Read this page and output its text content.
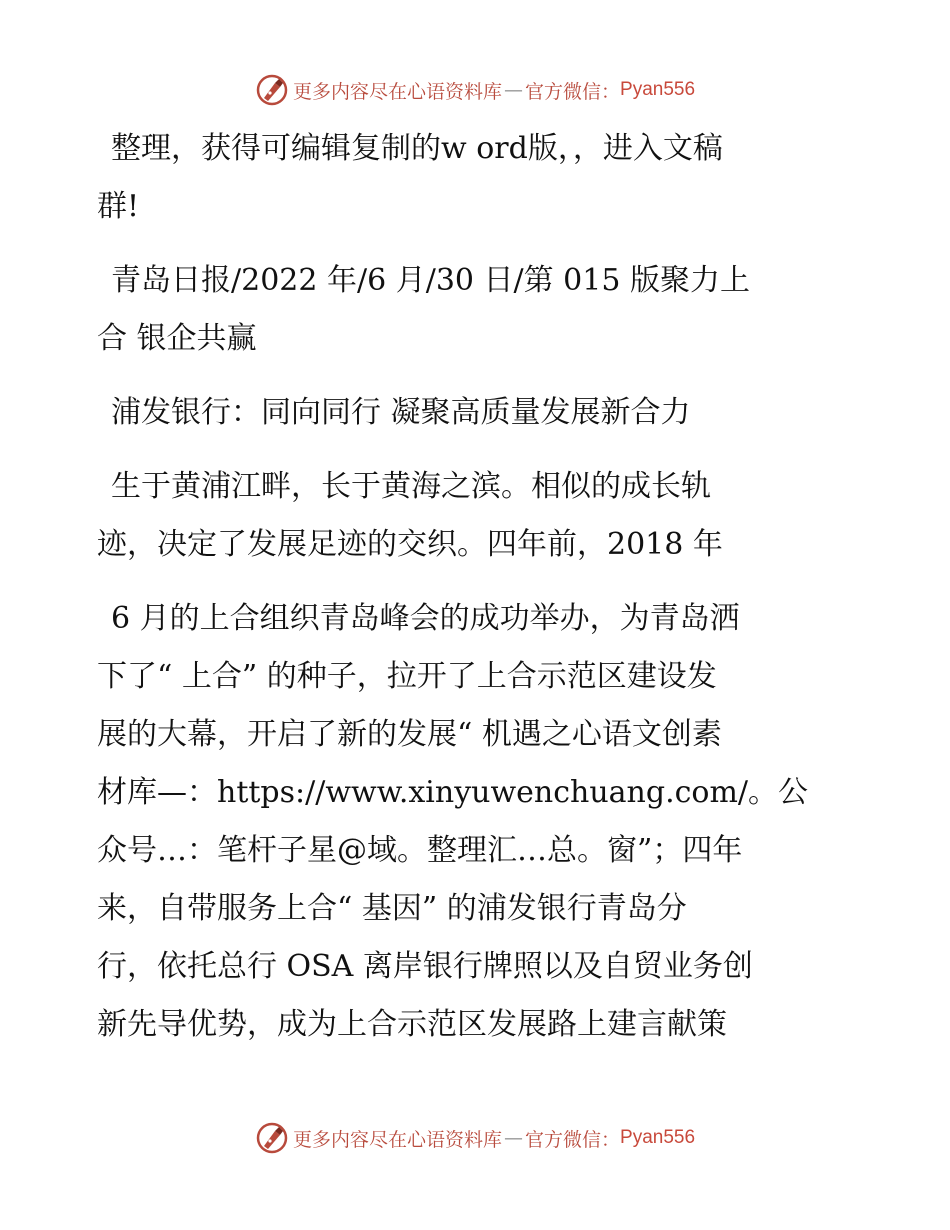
更多内容尽在心语资料库 — 官方微信 ： Pyan556

整理，获得可编辑复制的w ord版，，进入文稿
群!

青岛日报/2022 年/6 月/30 日/第 015 版聚力上
合 银企共赢

浦发银行：同向同行 凝聚高质量发展新合力

生于黄浦江畔，长于黄海之滨。相似的成长轨
迹，决定了发展足迹的交织。四年前，2018 年

6 月的上合组织青岛峰会的成功举办，为青岛洒
下了“ 上合” 的种子，拉开了上合示范区建设发
展的大幕，开启了新的发展“ 机遇之心语文创素
材库—：https://www.xinyuwenchuang.com/。公
众号…：笔杆子星@域。整理汇…总。窗”；四年
来，自带服务上合“ 基因” 的浦发银行青岛分
行，依托总行 OSA 离岸银行牌照以及自贸业务创
新先导优势，成为上合示范区发展路上建言献策

更多内容尽在心语资料库 — 官方微信 ： Pyan556
